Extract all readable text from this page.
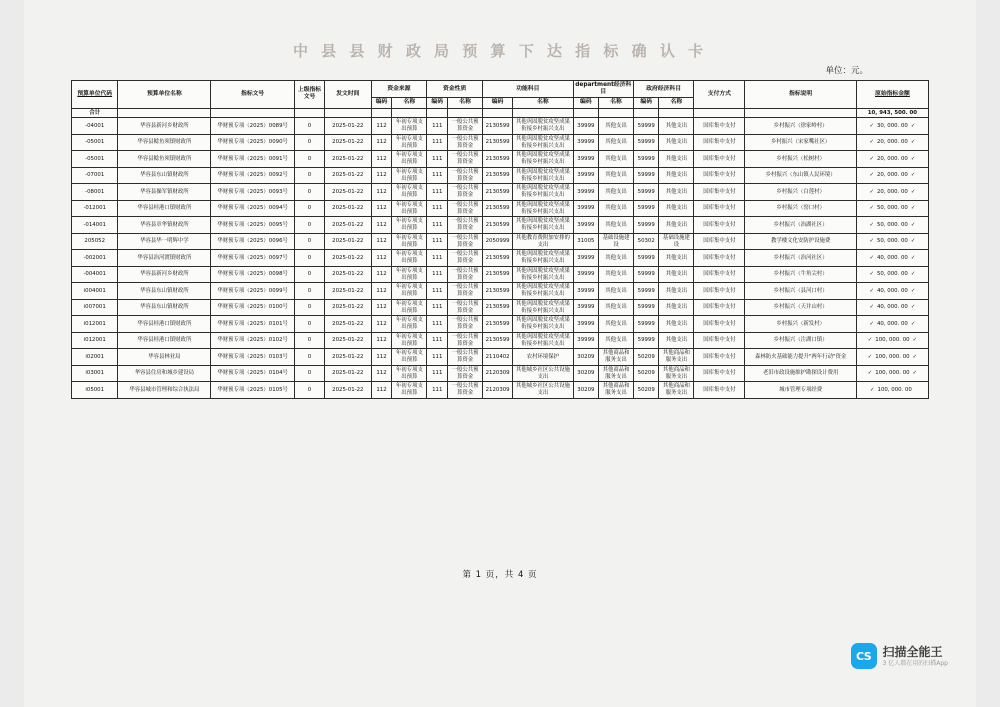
中 县 县 财 政 局 预 算 下 达 指 标 确 认 卡
单位：元。
预算单位代码	预算单位名称	指标文号	上级指标文号	发文时间	资金来源		资金性质		功能科目		department经济科目		政府经济科目		支付方式	指标说明	原始指标金额
					编码	名称	编码	名称	编码	名称	编码	名称	编码	名称			
合计																	10, 943, 500. 00
-04001	华容县新河乡财政所	华财预专项（2025）0089号	0	2025-01-22	112	年初专项支出预算	111	一般公共预算资金	2130599	其他巩固脱贫攻坚成果衔接乡村振兴支出	39999	其他支出	59999	其他支出	国库集中支付	乡村振兴（徐家岭村）	✓ 30, 000. 00 ✓
-05001	华容县鲶鱼须镇财政所	华财预专项（2025）0090号	0	2025-01-22	112	年初专项支出预算	111	一般公共预算资金	2130599	其他巩固脱贫攻坚成果衔接乡村振兴支出	39999	其他支出	59999	其他支出	国库集中支付	乡村振兴（宋家嘴社区）	✓ 20, 000. 00 ✓
-05001	华容县鲶鱼须镇财政所	华财预专项（2025）0091号	0	2025-01-22	112	年初专项支出预算	111	一般公共预算资金	2130599	其他巩固脱贫攻坚成果衔接乡村振兴支出	39999	其他支出	59999	其他支出	国库集中支付	乡村振兴（松树村）	✓ 20, 000. 00 ✓
-07001	华容县东山镇财政所	华财预专项（2025）0092号	0	2025-01-22	112	年初专项支出预算	111	一般公共预算资金	2130599	其他巩固脱贫攻坚成果衔接乡村振兴支出	39999	其他支出	59999	其他支出	国库集中支付	乡村振兴（东山镇人民环境）	✓ 20, 000. 00 ✓
-08001	华容县操军镇财政所	华财预专项（2025）0093号	0	2025-01-22	112	年初专项支出预算	111	一般公共预算资金	2130599	其他巩固脱贫攻坚成果衔接乡村振兴支出	39999	其他支出	59999	其他支出	国库集中支付	乡村振兴（白莲村）	✓ 20, 000. 00 ✓
-012001	华容县桂港口镇财政所	华财预专项（2025）0094号	0	2025-01-22	112	年初专项支出预算	111	一般公共预算资金	2130599	其他巩固脱贫攻坚成果衔接乡村振兴支出	39999	其他支出	59999	其他支出	国库集中支付	乡村振兴（窑口村）	✓ 50, 000. 00 ✓
-014001	华容县章华镇财政所	华财预专项（2025）0095号	0	2025-01-22	112	年初专项支出预算	111	一般公共预算资金	2130599	其他巩固脱贫攻坚成果衔接乡村振兴支出	39999	其他支出	59999	其他支出	国库集中支付	乡村振兴（治湖社区）	✓ 50, 000. 00 ✓
205052	华容县华一明辉中学	华财预专项（2025）0096号	0	2025-01-22	112	年初专项支出预算	111	一般公共预算资金	2050999	其他教育费附加安排的支出	31005	基础设施建设	50302	基础设施建设	国库集中支付	教学楼文化安防护设施费	✓ 50, 000. 00 ✓
-002001	华容县治河渡镇财政所	华财预专项（2025）0097号	0	2025-01-22	112	年初专项支出预算	111	一般公共预算资金	2130599	其他巩固脱贫攻坚成果衔接乡村振兴支出	39999	其他支出	59999	其他支出	国库集中支付	乡村振兴（治河社区）	✓ 40, 000. 00 ✓
-004001	华容县新河乡财政所	华财预专项（2025）0098号	0	2025-01-22	112	年初专项支出预算	111	一般公共预算资金	2130599	其他巩固脱贫攻坚成果衔接乡村振兴支出	39999	其他支出	59999	其他支出	国库集中支付	乡村振兴（牛角尖村）	✓ 50, 000. 00 ✓
i004001	华容县东山镇财政所	华财预专项（2025）0099号	0	2025-01-22	112	年初专项支出预算	111	一般公共预算资金	2130599	其他巩固脱贫攻坚成果衔接乡村振兴支出	39999	其他支出	59999	其他支出	国库集中支付	乡村振兴（县河口村）	✓ 40, 000. 00 ✓
i007001	华容县东山镇财政所	华财预专项（2025）0100号	0	2025-01-22	112	年初专项支出预算	111	一般公共预算资金	2130599	其他巩固脱贫攻坚成果衔接乡村振兴支出	39999	其他支出	59999	其他支出	国库集中支付	乡村振兴（天井山村）	✓ 40, 000. 00 ✓
i012001	华容县桂港口镇财政所	华财预专项（2025）0101号	0	2025-01-22	112	年初专项支出预算	111	一般公共预算资金	2130599	其他巩固脱贫攻坚成果衔接乡村振兴支出	39999	其他支出	59999	其他支出	国库集中支付	乡村振兴（新发村）	✓ 40, 000. 00 ✓
i012001	华容县桂港口镇财政所	华财预专项（2025）0102号	0	2025-01-22	112	年初专项支出预算	111	一般公共预算资金	2130599	其他巩固脱贫攻坚成果衔接乡村振兴支出	39999	其他支出	59999	其他支出	国库集中支付	乡村振兴（注湖口镇）	✓ 100, 000. 00 ✓
i02001	华容县林业局	华财预专项（2025）0103号	0	2025-01-22	112	年初专项支出预算	111	一般公共预算资金	2110402	农村环境保护	30209	其他商品和服务支出	50209	其他商品和服务支出	国库集中支付	森林防火基础能力提升"两年行动"资金	✓ 100, 000. 00 ✓
i03001	华容县住房和城乡建设局	华财预专项（2025）0104号	0	2025-01-22	112	年初专项支出预算	111	一般公共预算资金	2120309	其他城乡社区公共设施支出	30209	其他商品和服务支出	50209	其他商品和服务支出	国库集中支付	老旧市政设施维护勘探设计费用	✓ 100, 000. 00 ✓
i05001	华容县城市管理和综合执法局	华财预专项（2025）0105号	0	2025-01-22	112	年初专项支出预算	111	一般公共预算资金	2120309	其他城乡社区公共设施支出	30209	其他商品和服务支出	50209	其他商品和服务支出	国库集中支付	城市管理专项经费	✓ 100, 000. 00
第 1 页，共 4 页
CS 扫描全能王
3 亿人都在用的扫描App
